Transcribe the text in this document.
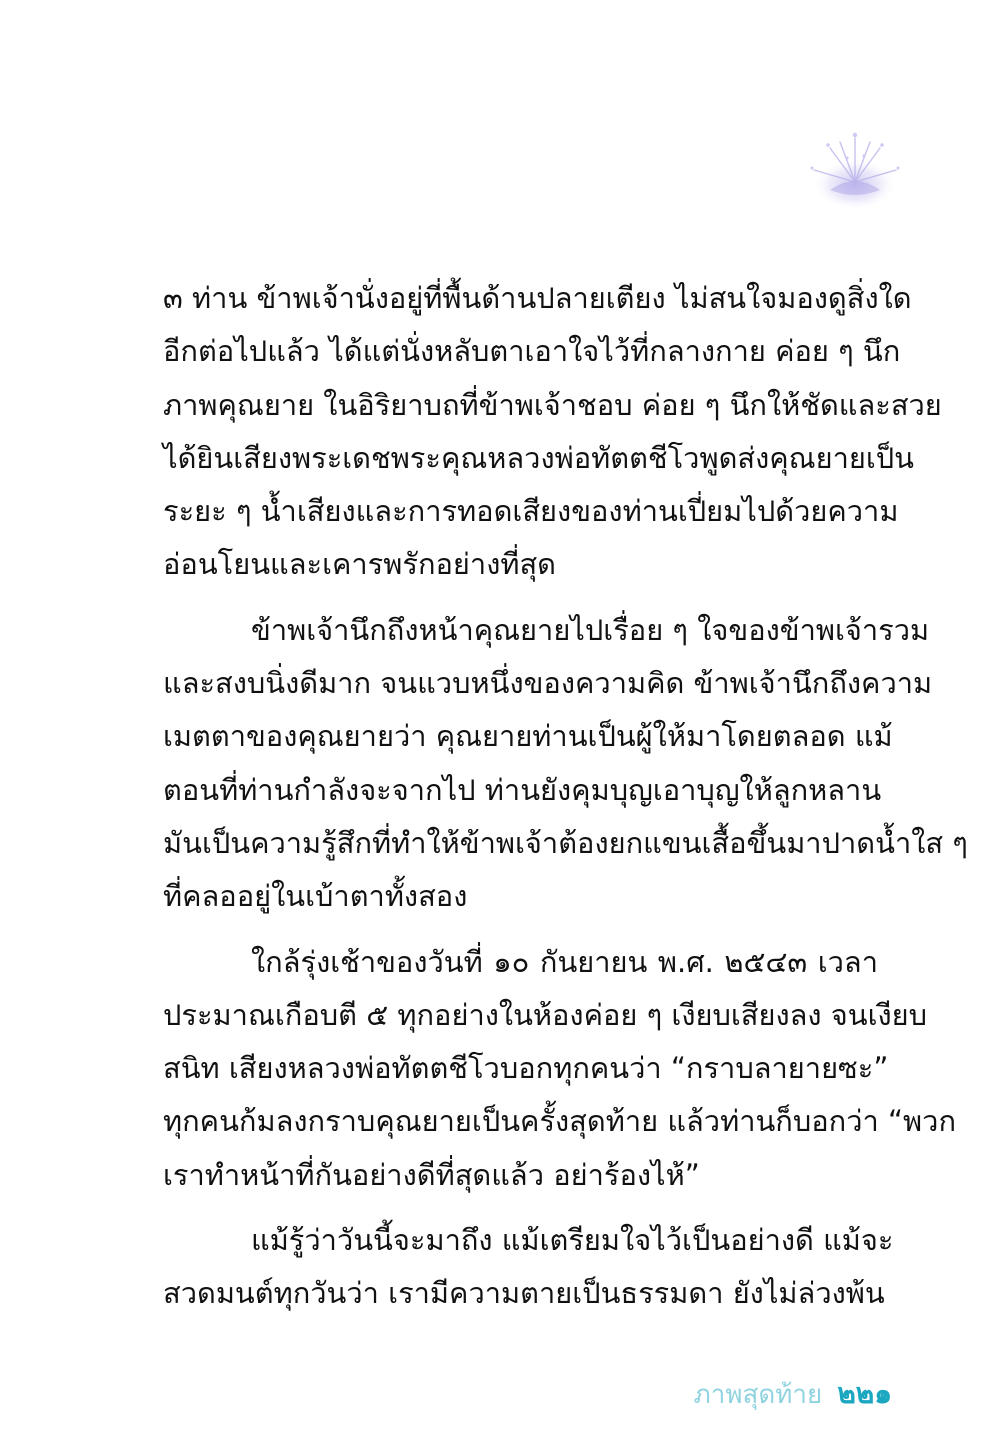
๓ ท่าน ข้าพเจ้านั่งอยู่ที่พื้นด้านปลายเตียง ไม่สนใจมองดูสิ่งใด
อีกต่อไปแล้ว ได้แต่นั่งหลับตาเอาใจไว้ที่กลางกาย ค่อย ๆ นึก
ภาพคุณยาย ในอิริยาบถที่ข้าพเจ้าชอบ ค่อย ๆ นึกให้ชัดและสวย
ได้ยินเสียงพระเดชพระคุณหลวงพ่อทัตตชีโวพูดส่งคุณยายเป็น
ระยะ ๆ น้ำเสียงและการทอดเสียงของท่านเปี่ยมไปด้วยความ
อ่อนโยนและเคารพรักอย่างที่สุด
ข้าพเจ้านึกถึงหน้าคุณยายไปเรื่อย ๆ ใจของข้าพเจ้ารวม
และสงบนิ่งดีมาก จนแวบหนึ่งของความคิด ข้าพเจ้านึกถึงความ
เมตตาของคุณยายว่า คุณยายท่านเป็นผู้ให้มาโดยตลอด แม้
ตอนที่ท่านกำลังจะจากไป ท่านยังคุมบุญเอาบุญให้ลูกหลาน
มันเป็นความรู้สึกที่ทำให้ข้าพเจ้าต้องยกแขนเสื้อขึ้นมาปาดน้ำใส ๆ
ที่คลออยู่ในเบ้าตาทั้งสอง
ใกล้รุ่งเช้าของวันที่ ๑๐ กันยายน พ.ศ. ๒๕๔๓ เวลา
ประมาณเกือบตี ๕ ทุกอย่างในห้องค่อย ๆ เงียบเสียงลง จนเงียบ
สนิท เสียงหลวงพ่อทัตตชีโวบอกทุกคนว่า “กราบลายายซะ”
ทุกคนก้มลงกราบคุณยายเป็นครั้งสุดท้าย แล้วท่านก็บอกว่า “พวก
เราทำหน้าที่กันอย่างดีที่สุดแล้ว อย่าร้องไห้”
แม้รู้ว่าวันนี้จะมาถึง แม้เตรียมใจไว้เป็นอย่างดี แม้จะ
สวดมนต์ทุกวันว่า เรามีความตายเป็นธรรมดา ยังไม่ล่วงพ้น
ภาพสุดท้าย ๒๒๑
